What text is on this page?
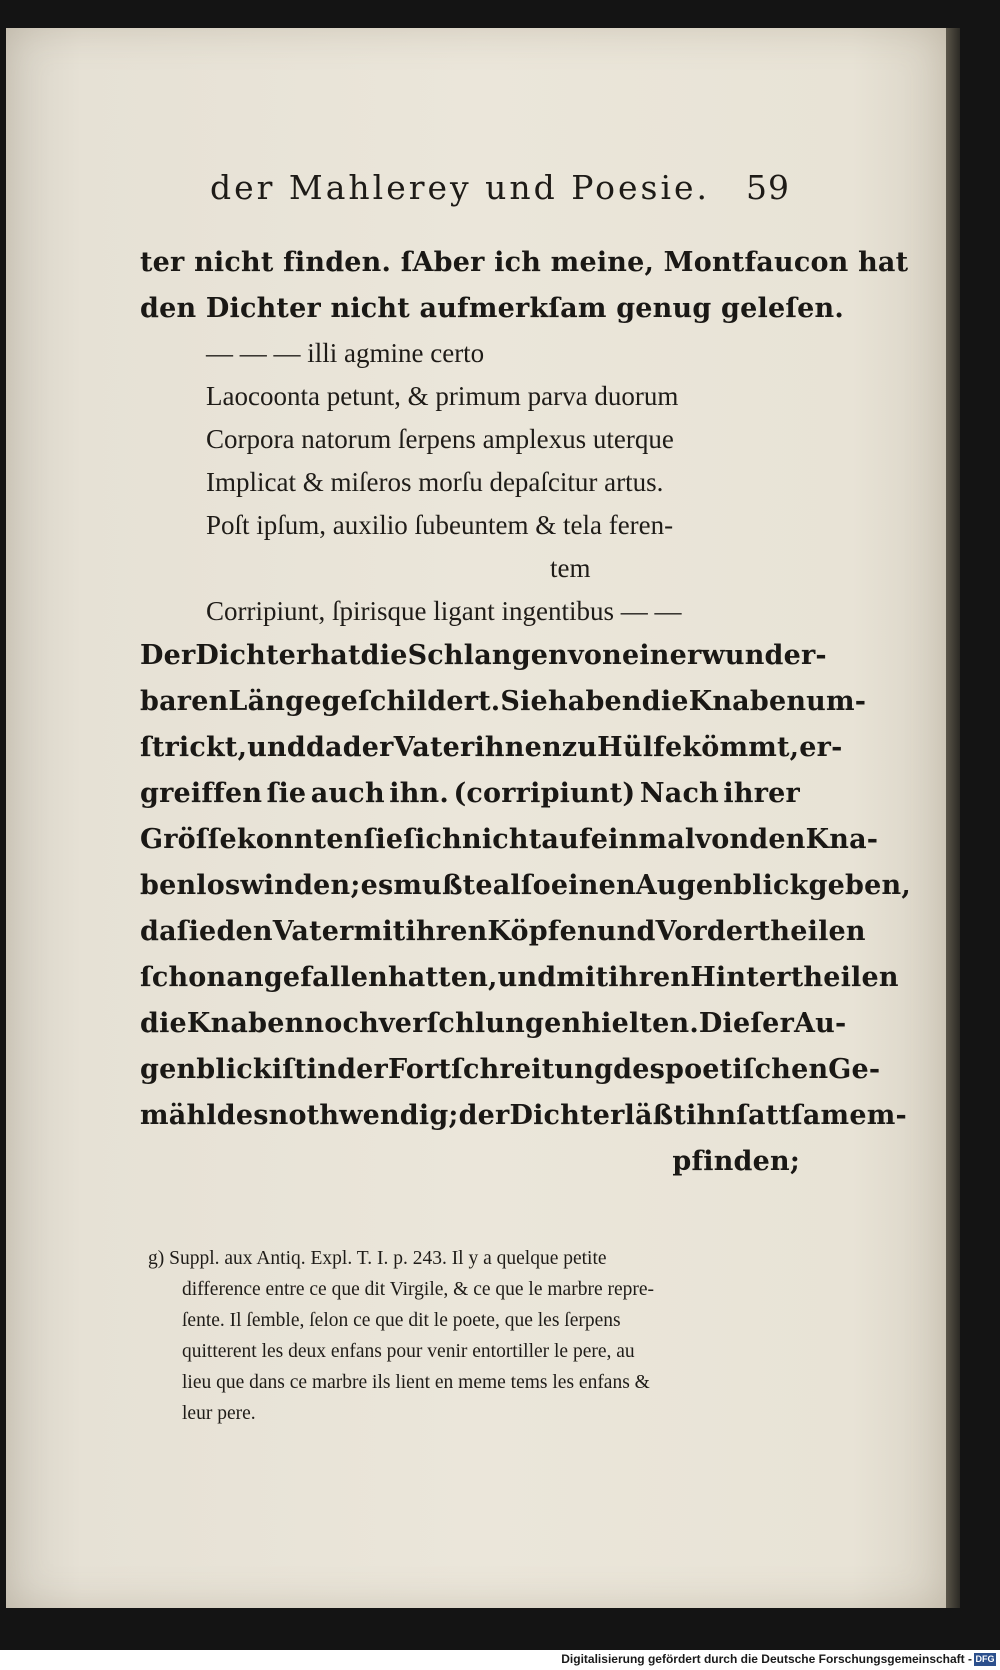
der Mahlerey und Poesie. 59
ter nicht finden. ſ Aber ich meine, Montfaucon hat
den Dichter nicht aufmerkſam genug geleſen.
— — — illi agmine certo
Laocoonta petunt, & primum parva duorum
Corpora natorum ſerpens amplexus uterque
Implicat & miſeros morſu depaſcitur artus.
Poſt ipſum, auxilio ſubeuntem & tela feren-
tem
Corripiunt, ſpirisque ligant ingentibus — —
Der Dichter hat die Schlangen von einer wunder-
baren Länge geſchildert. Sie haben die Knaben um-
ſtrickt, und da der Vater ihnen zu Hülfe kömmt, er-
greiffen ſie auch ihn. (corripiunt) Nach ihrer
Gröſſe konnten ſie ſich nicht auf einmal von den Kna-
ben loswinden; es mußte alſo einen Augenblick geben,
da ſie den Vater mit ihren Köpfen und Vordertheilen
ſchon angefallen hatten, und mit ihren Hintertheilen
die Knaben noch verſchlungen hielten. Dieſer Au-
genblick iſt in der Fortſchreitung des poetiſchen Ge-
mähldes nothwendig; der Dichter läßt ihn ſattſam em-
pfinden;
g) Suppl. aux Antiq. Expl. T. I. p. 243. Il y a quelque petite
difference entre ce que dit Virgile, & ce que le marbre repre-
ſente. Il ſemble, ſelon ce que dit le poete, que les ſerpens
quitterent les deux enfans pour venir entortiller le pere, au
lieu que dans ce marbre ils lient en meme tems les enfans &
leur pere.
Digitalisierung gefördert durch die Deutsche Forschungsgemeinschaft - DFG
